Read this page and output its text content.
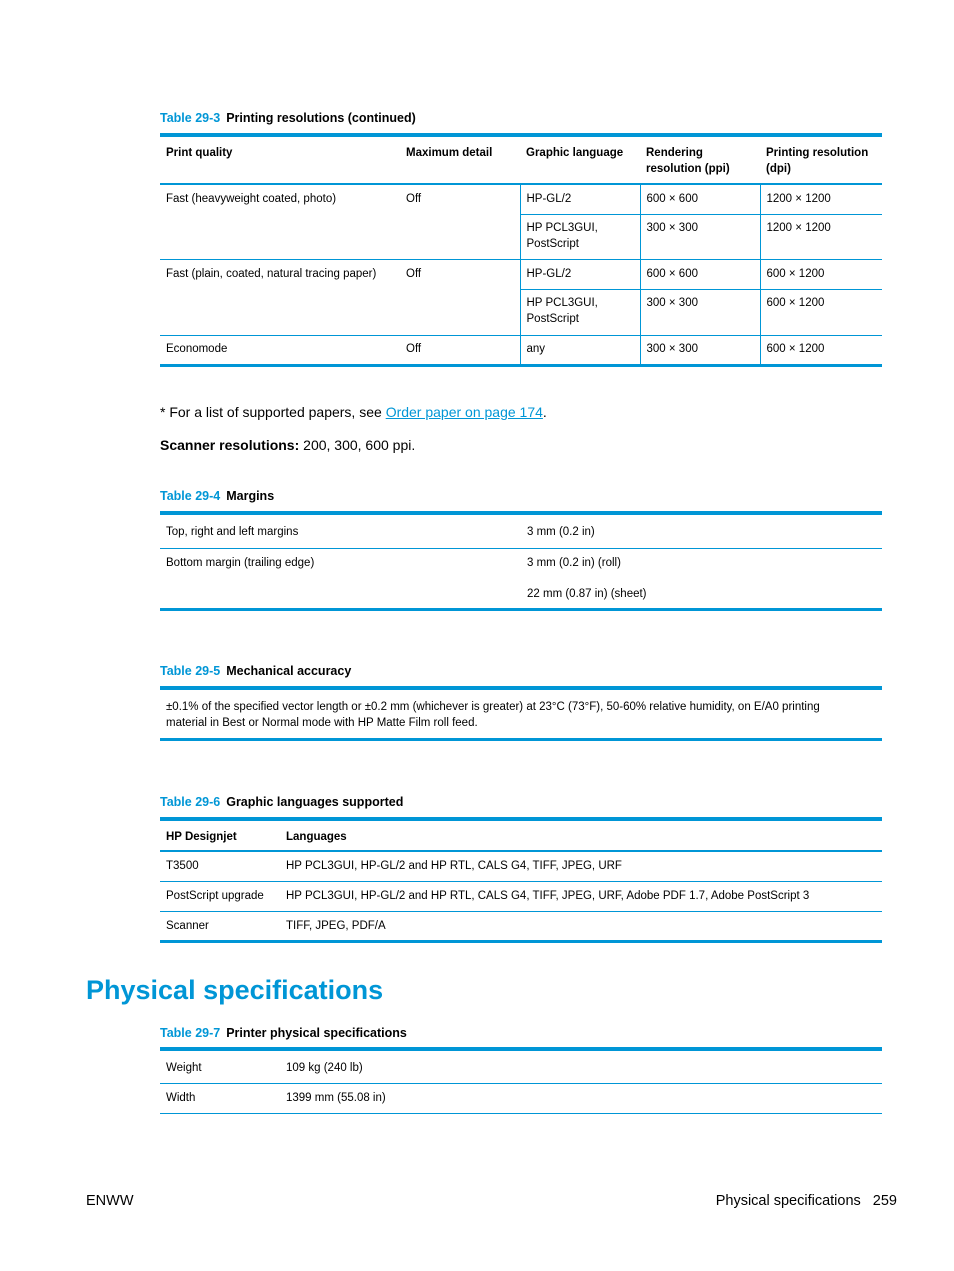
Table 29-3 Printing resolutions (continued)
Print quality	Maximum detail	Graphic language	Rendering resolution (ppi)	Printing resolution (dpi)
Fast (heavyweight coated, photo)	Off	HP-GL/2	600 × 600	1200 × 1200
		HP PCL3GUI, PostScript	300 × 300	1200 × 1200
Fast (plain, coated, natural tracing paper)	Off	HP-GL/2	600 × 600	600 × 1200
		HP PCL3GUI, PostScript	300 × 300	600 × 1200
Economode	Off	any	300 × 300	600 × 1200
* For a list of supported papers, see Order paper on page 174.
Scanner resolutions: 200, 300, 600 ppi.
Table 29-4 Margins
Top, right and left margins	3 mm (0.2 in)
Bottom margin (trailing edge)	3 mm (0.2 in) (roll)
22 mm (0.87 in) (sheet)
Table 29-5 Mechanical accuracy
±0.1% of the specified vector length or ±0.2 mm (whichever is greater) at 23°C (73°F), 50-60% relative humidity, on E/A0 printing material in Best or Normal mode with HP Matte Film roll feed.
Table 29-6 Graphic languages supported
HP Designjet	Languages
T3500	HP PCL3GUI, HP-GL/2 and HP RTL, CALS G4, TIFF, JPEG, URF
PostScript upgrade	HP PCL3GUI, HP-GL/2 and HP RTL, CALS G4, TIFF, JPEG, URF, Adobe PDF 1.7, Adobe PostScript 3
Scanner	TIFF, JPEG, PDF/A
Physical specifications
Table 29-7 Printer physical specifications
Weight	109 kg (240 lb)
Width	1399 mm (55.08 in)
ENWW	Physical specifications 259
